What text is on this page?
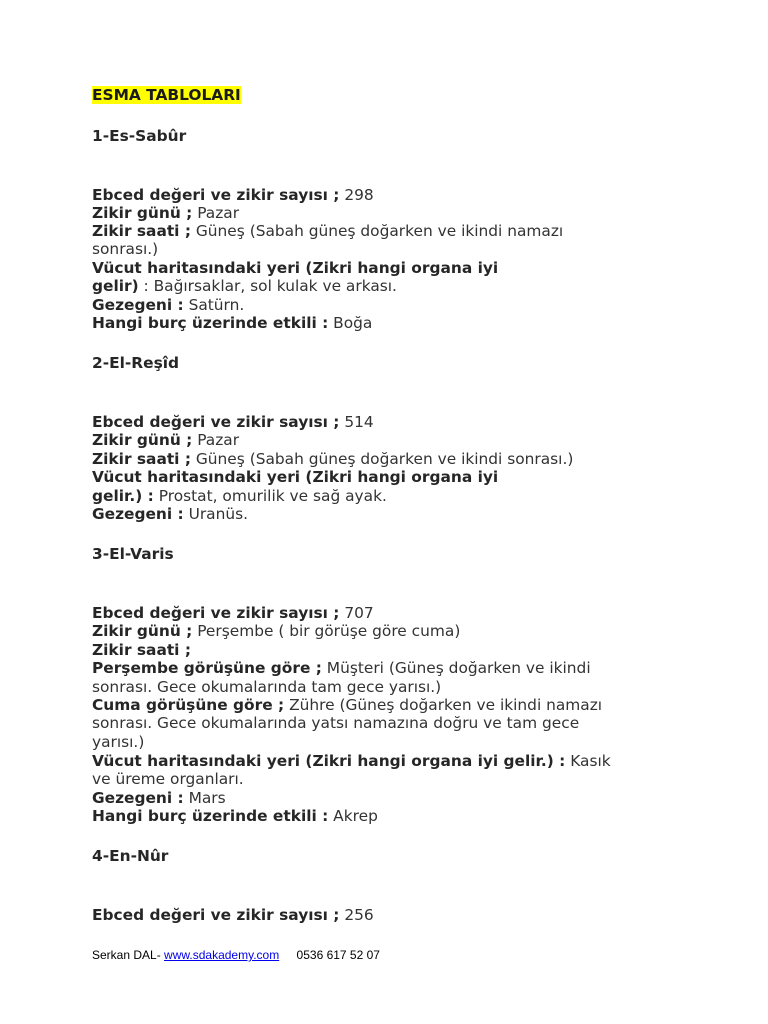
ESMA TABLOLARI
1-Es-Sabûr
Ebced değeri ve zikir sayısı ; 298
Zikir günü ; Pazar
Zikir saati ; Güneş (Sabah güneş doğarken ve ikindi namazı
sonrası.)
Vücut haritasındaki yeri (Zikri hangi organa iyi
gelir) : Bağırsaklar, sol kulak ve arkası.
Gezegeni : Satürn.
Hangi burç üzerinde etkili : Boğa
2-El-Reşîd
Ebced değeri ve zikir sayısı ; 514
Zikir günü ; Pazar
Zikir saati ; Güneş (Sabah güneş doğarken ve ikindi sonrası.)
Vücut haritasındaki yeri (Zikri hangi organa iyi
gelir.) : Prostat, omurilik ve sağ ayak.
Gezegeni : Uranüs.
3-El-Varis
Ebced değeri ve zikir sayısı ; 707
Zikir günü ; Perşembe ( bir görüşe göre cuma)
Zikir saati ;
Perşembe görüşüne göre ; Müşteri (Güneş doğarken ve ikindi
sonrası. Gece okumalarında tam gece yarısı.)
Cuma görüşüne göre ; Zühre (Güneş doğarken ve ikindi namazı
sonrası. Gece okumalarında yatsı namazına doğru ve tam gece
yarısı.)
Vücut haritasındaki yeri (Zikri hangi organa iyi gelir.) : Kasık
ve üreme organları.
Gezegeni : Mars
Hangi burç üzerinde etkili : Akrep
4-En-Nûr
Ebced değeri ve zikir sayısı ; 256
Serkan DAL- www.sdakademy.com 0536 617 52 07
